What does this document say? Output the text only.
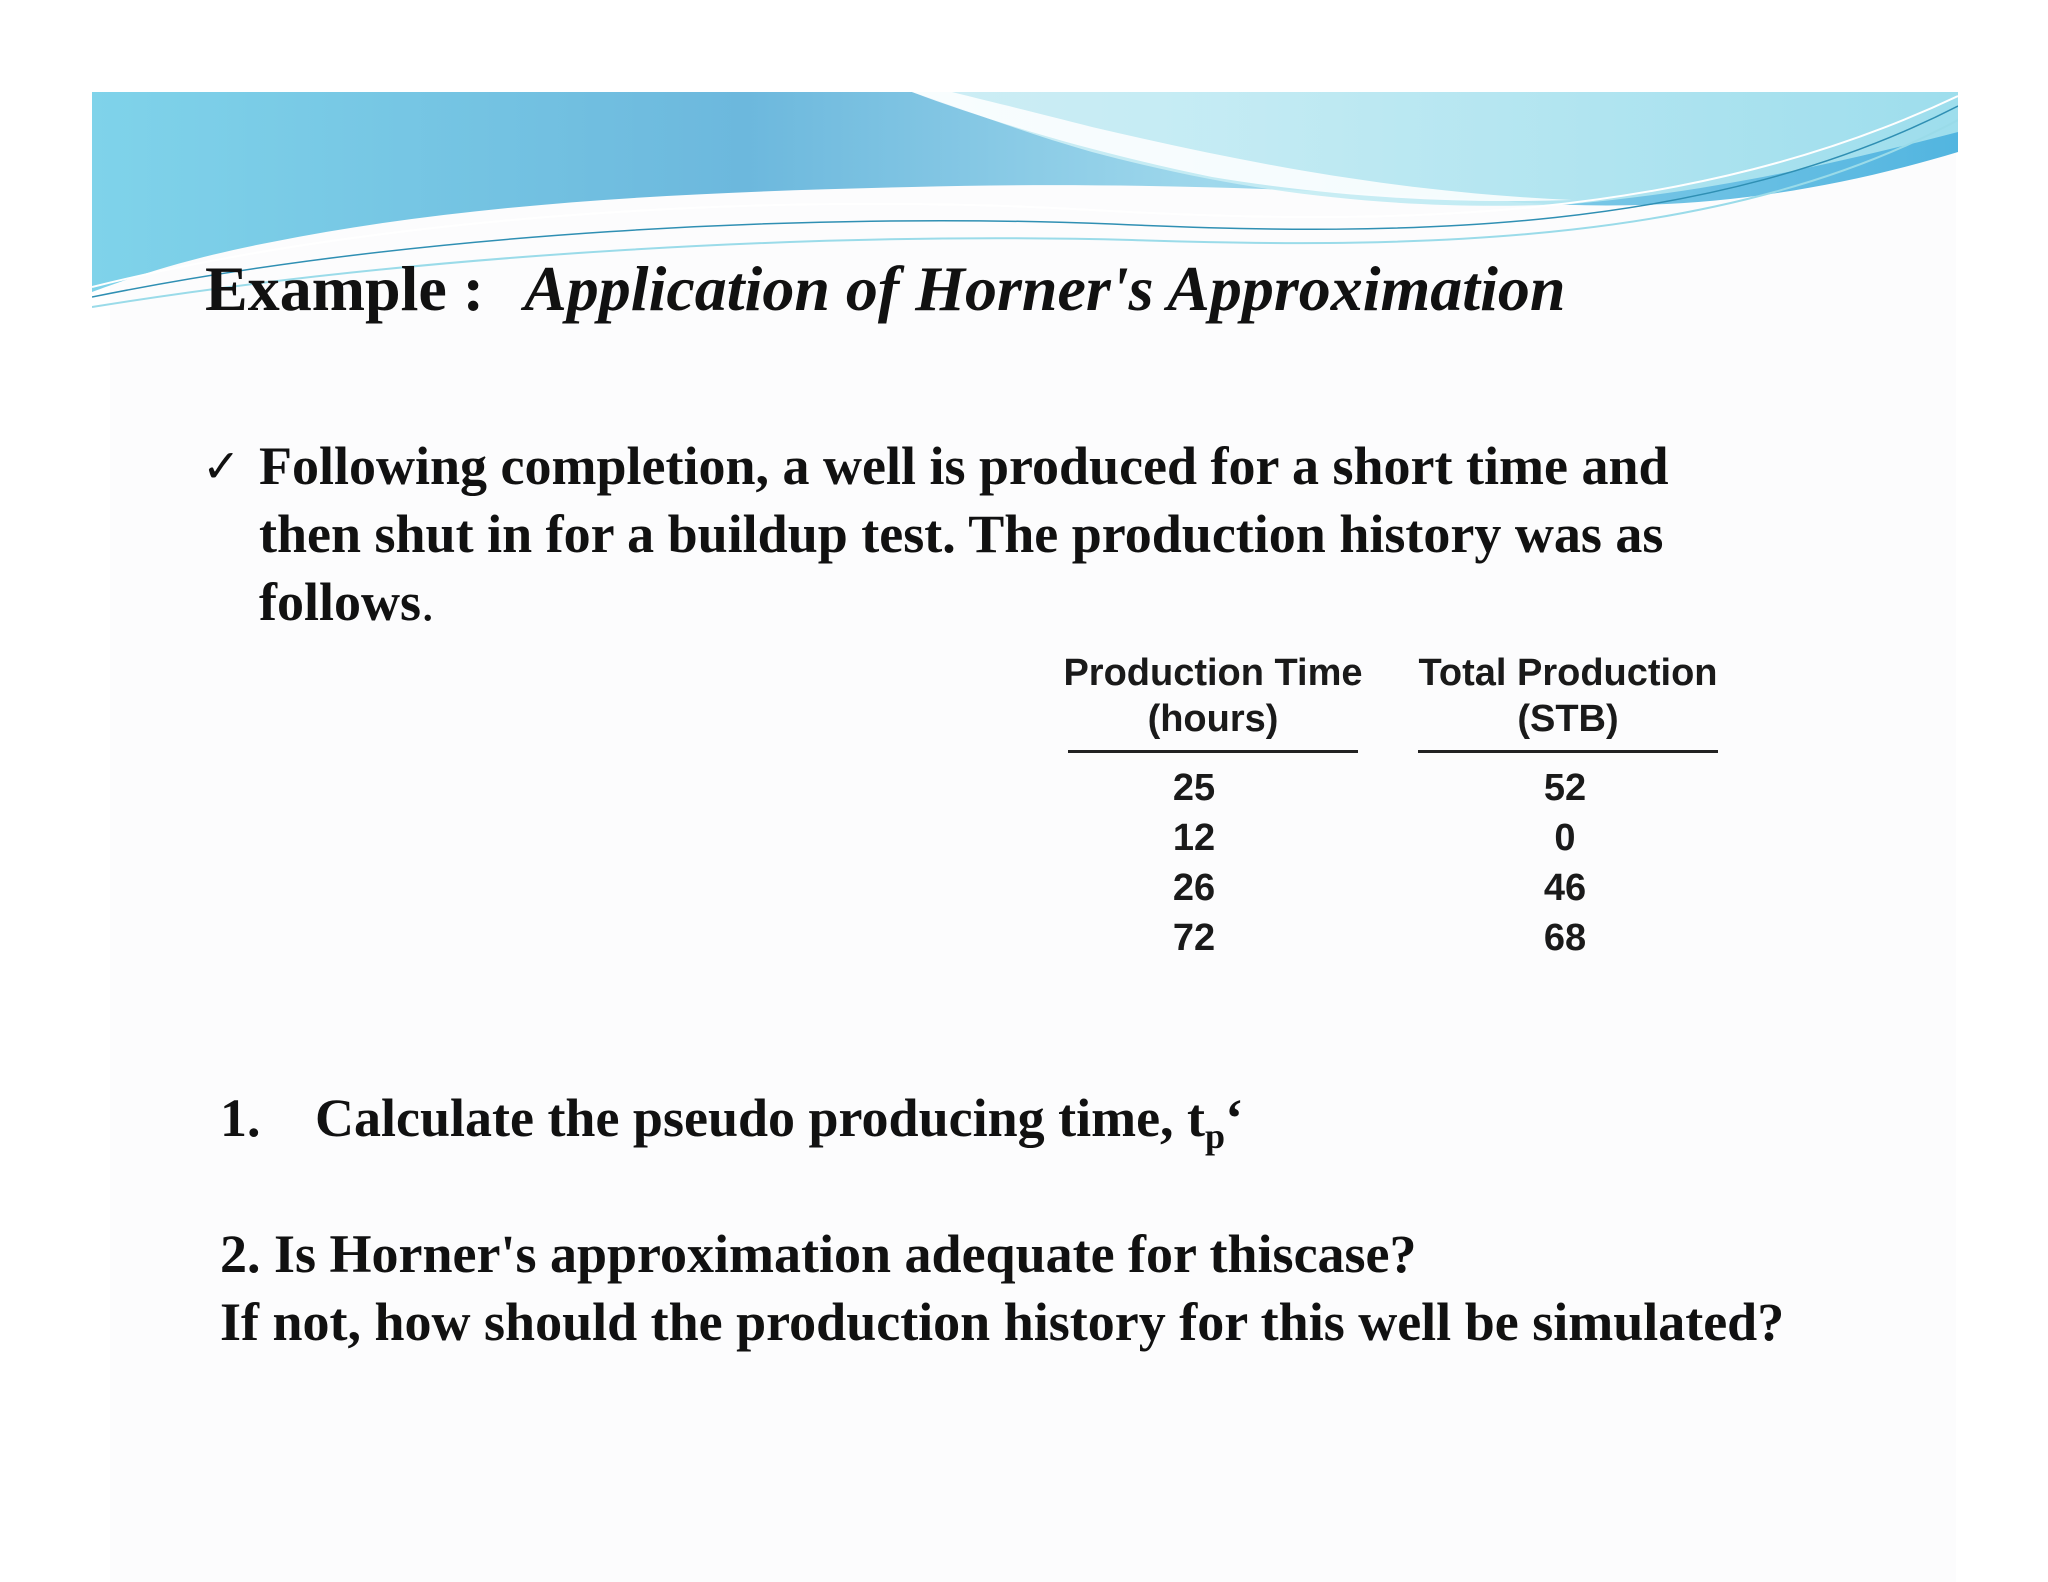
Example : Application of Horner's Approximation
✓ Following completion, a well is produced for a short time and then shut in for a buildup test. The production history was as follows.
Production Time
(hours)
25
12
26
72
Total Production
(STB)
52
0
46
68
1. Calculate the pseudo producing time, $t_p‘$
2. Is Horner's approximation adequate for thiscase?
If not, how should the production history for this well be simulated?
